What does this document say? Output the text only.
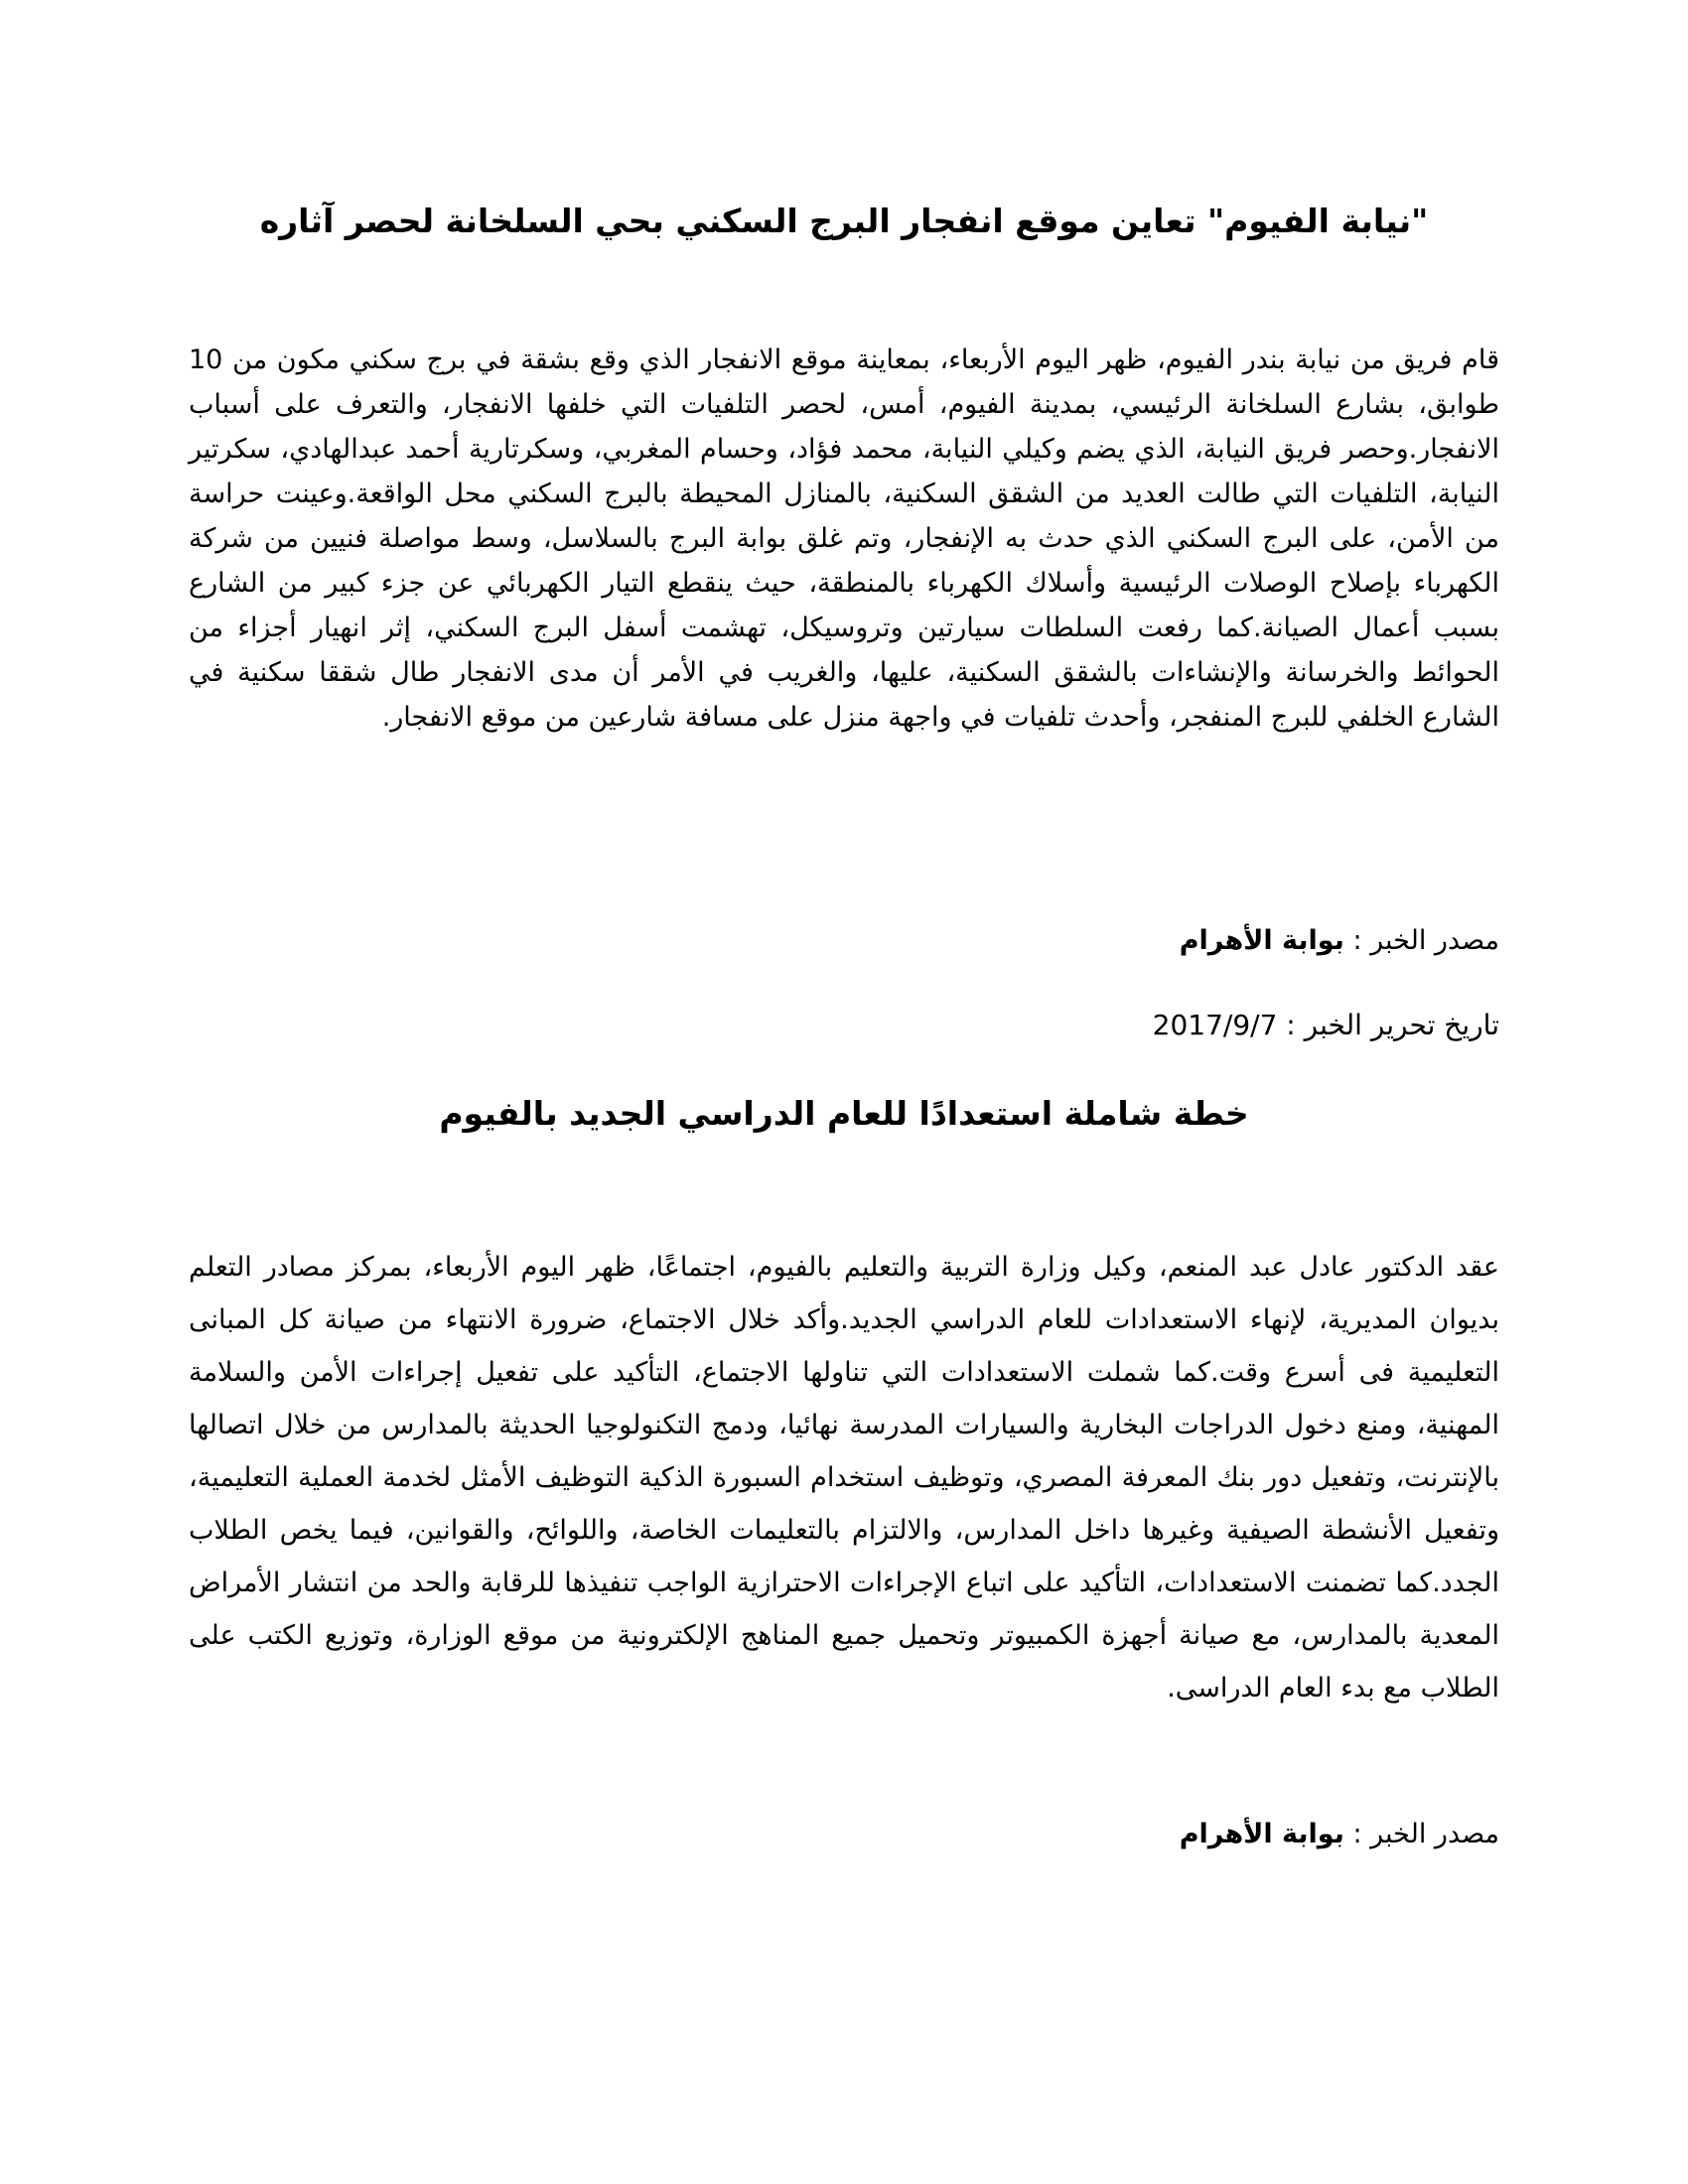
"نيابة الفيوم" تعاين موقع انفجار البرج السكني بحي السلخانة لحصر آثاره

قام فريق من نيابة بندر الفيوم، ظهر اليوم الأربعاء، بمعاينة موقع الانفجار الذي وقع بشقة في برج سكني مكون من 10 طوابق، بشارع السلخانة الرئيسي، بمدينة الفيوم، أمس، لحصر التلفيات التي خلفها الانفجار، والتعرف على أسباب الانفجار.وحصر فريق النيابة، الذي يضم وكيلي النيابة، محمد فؤاد، وحسام المغربي، وسكرتارية أحمد عبدالهادي، سكرتير النيابة، التلفيات التي طالت العديد من الشقق السكنية، بالمنازل المحيطة بالبرج السكني محل الواقعة.وعينت حراسة من الأمن، على البرج السكني الذي حدث به الإنفجار، وتم غلق بوابة البرج بالسلاسل، وسط مواصلة فنيين من شركة الكهرباء بإصلاح الوصلات الرئيسية وأسلاك الكهرباء بالمنطقة، حيث ينقطع التيار الكهربائي عن جزء كبير من الشارع بسبب أعمال الصيانة.كما رفعت السلطات سيارتين وتروسيكل، تهشمت أسفل البرج السكني، إثر انهيار أجزاء من الحوائط والخرسانة والإنشاءات بالشقق السكنية، عليها، والغريب في الأمر أن مدى الانفجار طال شققا سكنية في الشارع الخلفي للبرج المنفجر، وأحدث تلفيات في واجهة منزل على مسافة شارعين من موقع الانفجار.

مصدر الخبر : بوابة الأهرام

تاريخ تحرير الخبر : 2017/9/7

خطة شاملة استعدادًا للعام الدراسي الجديد بالفيوم

عقد الدكتور عادل عبد المنعم، وكيل وزارة التربية والتعليم بالفيوم، اجتماعًا، ظهر اليوم الأربعاء، بمركز مصادر التعلم بديوان المديرية، لإنهاء الاستعدادات للعام الدراسي الجديد.وأكد خلال الاجتماع، ضرورة الانتهاء من صيانة كل المبانى التعليمية فى أسرع وقت.كما شملت الاستعدادات التي تناولها الاجتماع، التأكيد على تفعيل إجراءات الأمن والسلامة المهنية، ومنع دخول الدراجات البخارية والسيارات المدرسة نهائيا، ودمج التكنولوجيا الحديثة بالمدارس من خلال اتصالها بالإنترنت، وتفعيل دور بنك المعرفة المصري، وتوظيف استخدام السبورة الذكية التوظيف الأمثل لخدمة العملية التعليمية، وتفعيل الأنشطة الصيفية وغيرها داخل المدارس، والالتزام بالتعليمات الخاصة، واللوائح، والقوانين، فيما يخص الطلاب الجدد.كما تضمنت الاستعدادات، التأكيد على اتباع الإجراءات الاحترازية الواجب تنفيذها للرقابة والحد من انتشار الأمراض المعدية بالمدارس، مع صيانة أجهزة الكمبيوتر وتحميل جميع المناهج الإلكترونية من موقع الوزارة، وتوزيع الكتب على الطلاب مع بدء العام الدراسى.

مصدر الخبر : بوابة الأهرام
